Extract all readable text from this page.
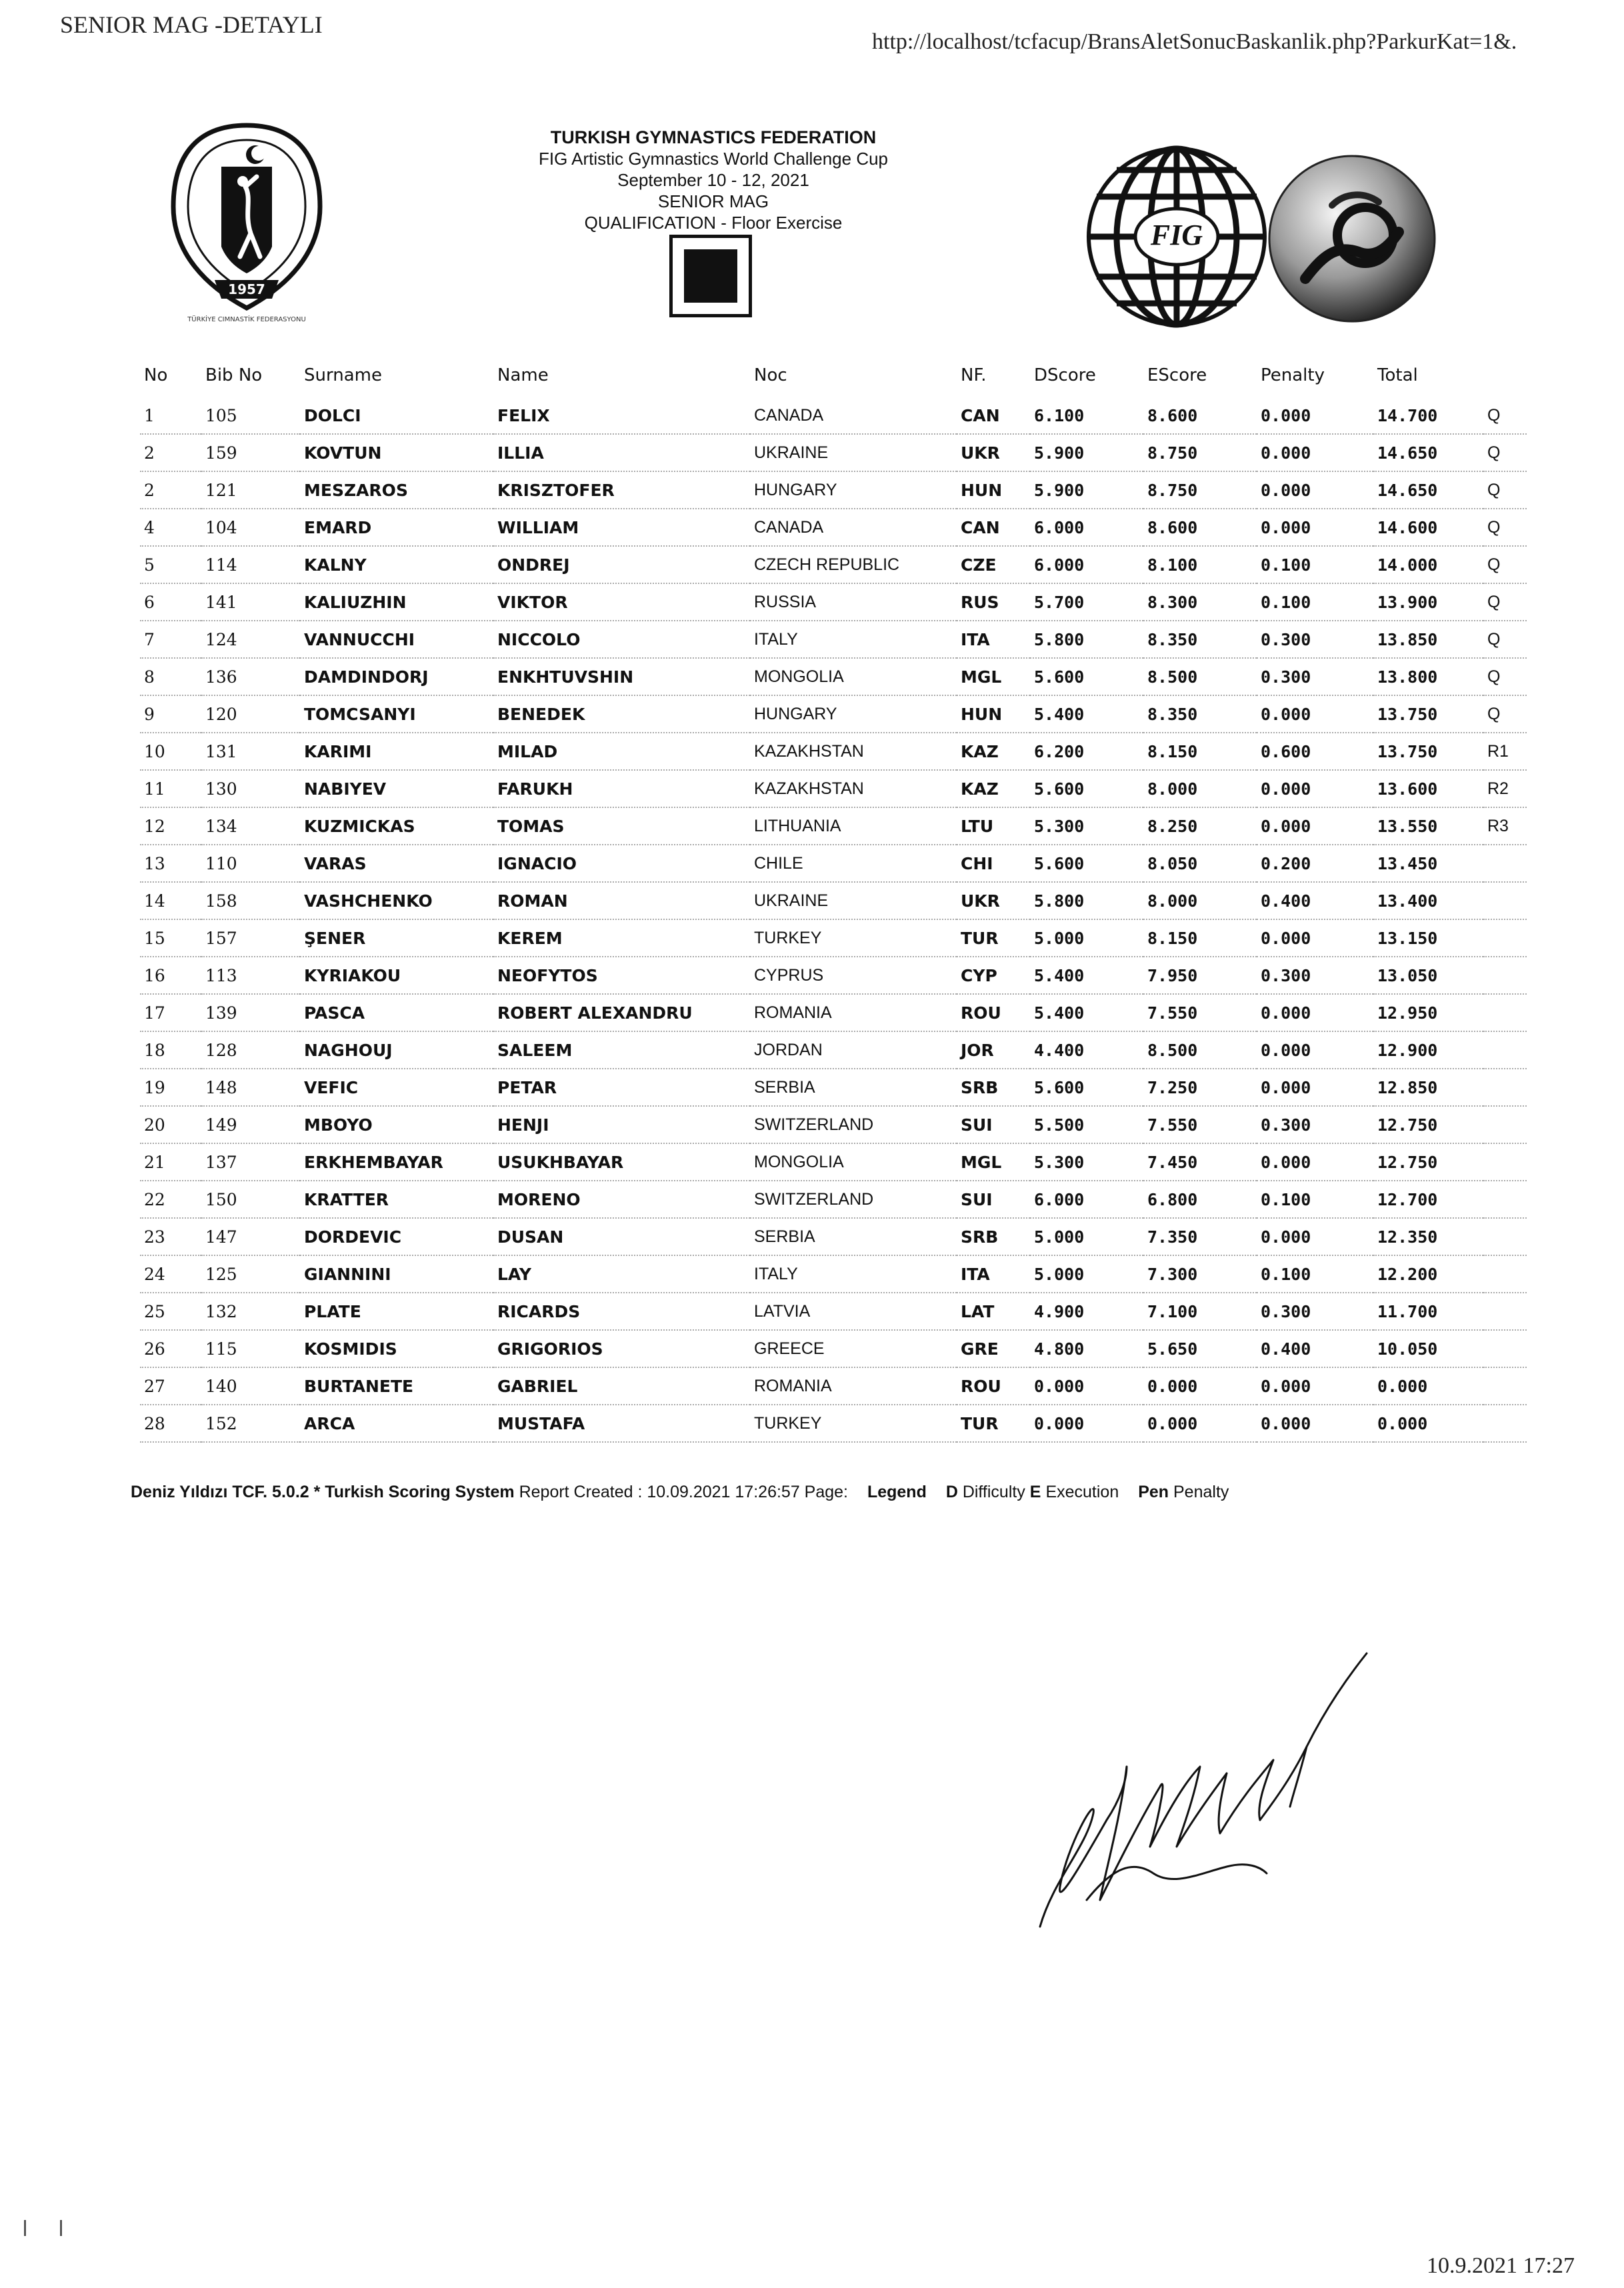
SENIOR MAG -DETAYLI
http://localhost/tcfacup/BransAletSonucBaskanlik.php?ParkurKat=1&.
1957
TÜRKİYE CIMNASTİK FEDERASYONU
TURKISH GYMNASTICS FEDERATION
FIG Artistic Gymnastics World Challenge Cup
September 10 - 12, 2021
SENIOR MAG
QUALIFICATION - Floor Exercise	FIG
No	Bib No	Surname	Name	Noc	NF.	DScore	EScore	Penalty	Total	
1	105	DOLCI	FELIX	CANADA	CAN	6.100	8.600	0.000	14.700	Q
2	159	KOVTUN	ILLIA	UKRAINE	UKR	5.900	8.750	0.000	14.650	Q
2	121	MESZAROS	KRISZTOFER	HUNGARY	HUN	5.900	8.750	0.000	14.650	Q
4	104	EMARD	WILLIAM	CANADA	CAN	6.000	8.600	0.000	14.600	Q
5	114	KALNY	ONDREJ	CZECH REPUBLIC	CZE	6.000	8.100	0.100	14.000	Q
6	141	KALIUZHIN	VIKTOR	RUSSIA	RUS	5.700	8.300	0.100	13.900	Q
7	124	VANNUCCHI	NICCOLO	ITALY	ITA	5.800	8.350	0.300	13.850	Q
8	136	DAMDINDORJ	ENKHTUVSHIN	MONGOLIA	MGL	5.600	8.500	0.300	13.800	Q
9	120	TOMCSANYI	BENEDEK	HUNGARY	HUN	5.400	8.350	0.000	13.750	Q
10	131	KARIMI	MILAD	KAZAKHSTAN	KAZ	6.200	8.150	0.600	13.750	R1
11	130	NABIYEV	FARUKH	KAZAKHSTAN	KAZ	5.600	8.000	0.000	13.600	R2
12	134	KUZMICKAS	TOMAS	LITHUANIA	LTU	5.300	8.250	0.000	13.550	R3
13	110	VARAS	IGNACIO	CHILE	CHI	5.600	8.050	0.200	13.450	
14	158	VASHCHENKO	ROMAN	UKRAINE	UKR	5.800	8.000	0.400	13.400	
15	157	ŞENER	KEREM	TURKEY	TUR	5.000	8.150	0.000	13.150	
16	113	KYRIAKOU	NEOFYTOS	CYPRUS	CYP	5.400	7.950	0.300	13.050	
17	139	PASCA	ROBERT ALEXANDRU	ROMANIA	ROU	5.400	7.550	0.000	12.950	
18	128	NAGHOUJ	SALEEM	JORDAN	JOR	4.400	8.500	0.000	12.900	
19	148	VEFIC	PETAR	SERBIA	SRB	5.600	7.250	0.000	12.850	
20	149	MBOYO	HENJI	SWITZERLAND	SUI	5.500	7.550	0.300	12.750	
21	137	ERKHEMBAYAR	USUKHBAYAR	MONGOLIA	MGL	5.300	7.450	0.000	12.750	
22	150	KRATTER	MORENO	SWITZERLAND	SUI	6.000	6.800	0.100	12.700	
23	147	DORDEVIC	DUSAN	SERBIA	SRB	5.000	7.350	0.000	12.350	
24	125	GIANNINI	LAY	ITALY	ITA	5.000	7.300	0.100	12.200	
25	132	PLATE	RICARDS	LATVIA	LAT	4.900	7.100	0.300	11.700	
26	115	KOSMIDIS	GRIGORIOS	GREECE	GRE	4.800	5.650	0.400	10.050	
27	140	BURTANETE	GABRIEL	ROMANIA	ROU	0.000	0.000	0.000	0.000	
28	152	ARCA	MUSTAFA	TURKEY	TUR	0.000	0.000	0.000	0.000	
Deniz Yıldızı TCF. 5.0.2 * Turkish Scoring System Report Created : 10.09.2021 17:26:57 Page: Legend D Difficulty E Execution Pen Penalty
10.9.2021 17:27
